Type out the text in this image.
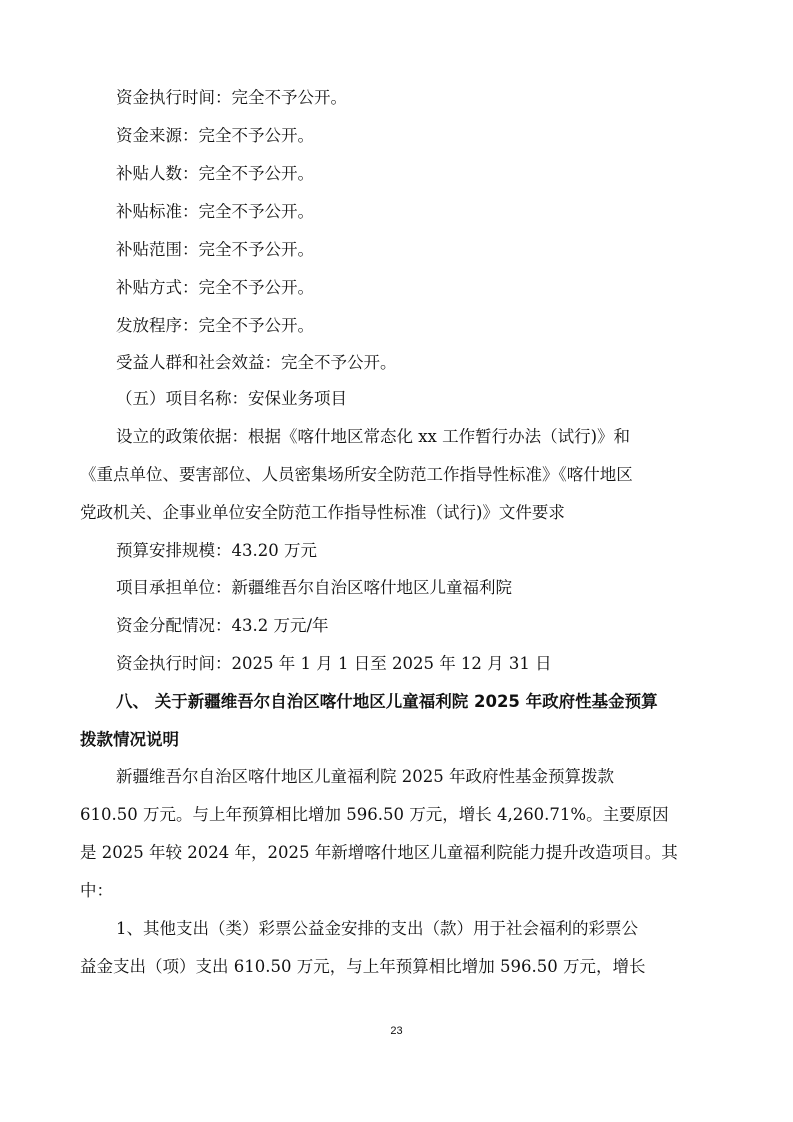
资金执行时间：完全不予公开。
资金来源：完全不予公开。
补贴人数：完全不予公开。
补贴标准：完全不予公开。
补贴范围：完全不予公开。
补贴方式：完全不予公开。
发放程序：完全不予公开。
受益人群和社会效益：完全不予公开。
（五）项目名称：安保业务项目
设立的政策依据：根据《喀什地区常态化 xx 工作暂行办法（试行)》和
《重点单位、要害部位、人员密集场所安全防范工作指导性标准》《喀什地区
党政机关、企事业单位安全防范工作指导性标准（试行)》文件要求
预算安排规模：43.20 万元
项目承担单位：新疆维吾尔自治区喀什地区儿童福利院
资金分配情况：43.2 万元/年
资金执行时间：2025 年 1 月 1 日至 2025 年 12 月 31 日
八、 关于新疆维吾尔自治区喀什地区儿童福利院 2025 年政府性基金预算
拨款情况说明
新疆维吾尔自治区喀什地区儿童福利院 2025 年政府性基金预算拨款
610.50 万元。与上年预算相比增加 596.50 万元，增长 4,260.71%。主要原因
是 2025 年较 2024 年，2025 年新增喀什地区儿童福利院能力提升改造项目。其
中：
1、其他支出（类）彩票公益金安排的支出（款）用于社会福利的彩票公
益金支出（项）支出 610.50 万元，与上年预算相比增加 596.50 万元，增长
23
